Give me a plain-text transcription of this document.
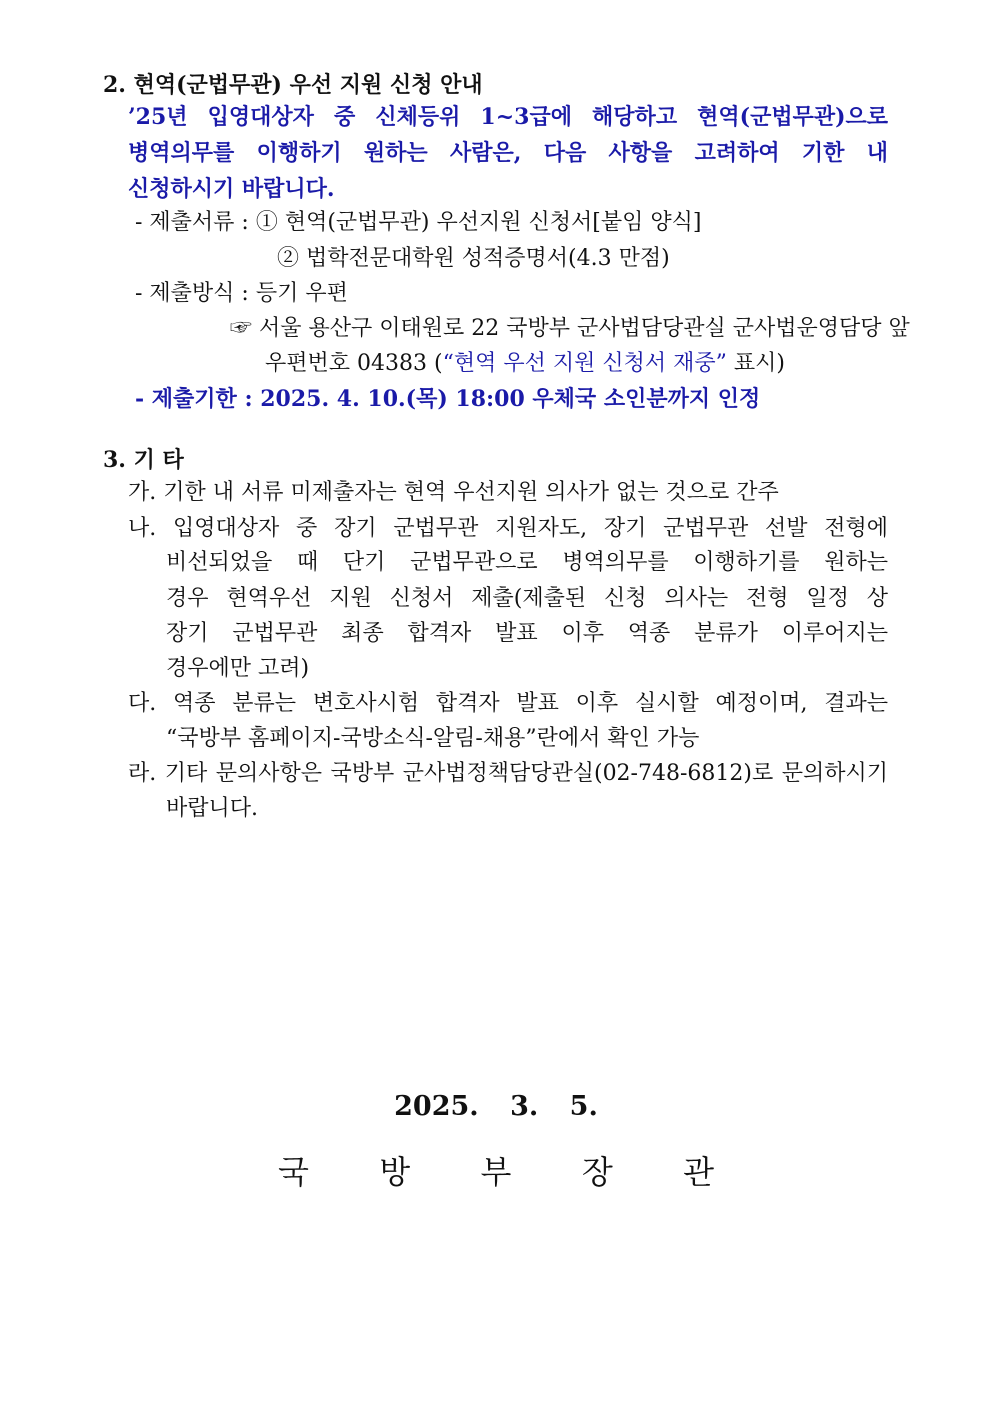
2. 현역(군법무관) 우선 지원 신청 안내
’25년 입영대상자 중 신체등위 1~3급에 해당하고 현역(군법무관)으로
병역의무를 이행하기 원하는 사람은, 다음 사항을 고려하여 기한 내
신청하시기 바랍니다.
- 제출서류 : ① 현역(군법무관) 우선지원 신청서[붙임 양식]
② 법학전문대학원 성적증명서(4.3 만점)
- 제출방식 : 등기 우편
☞ 서울 용산구 이태원로 22 국방부 군사법담당관실 군사법운영담당 앞
우편번호 04383 (“현역 우선 지원 신청서 재중” 표시)
- 제출기한 : 2025. 4. 10.(목) 18:00 우체국 소인분까지 인정
3. 기 타
가. 기한 내 서류 미제출자는 현역 우선지원 의사가 없는 것으로 간주
나. 입영대상자 중 장기 군법무관 지원자도, 장기 군법무관 선발 전형에
비선되었을 때 단기 군법무관으로 병역의무를 이행하기를 원하는
경우 현역우선 지원 신청서 제출(제출된 신청 의사는 전형 일정 상
장기 군법무관 최종 합격자 발표 이후 역종 분류가 이루어지는
경우에만 고려)
다. 역종 분류는 변호사시험 합격자 발표 이후 실시할 예정이며, 결과는
“국방부 홈페이지-국방소식-알림-채용”란에서 확인 가능
라. 기타 문의사항은 국방부 군사법정책담당관실(02-748-6812)로 문의하시기
바랍니다.
2025. 3. 5.
국 방 부 장 관
